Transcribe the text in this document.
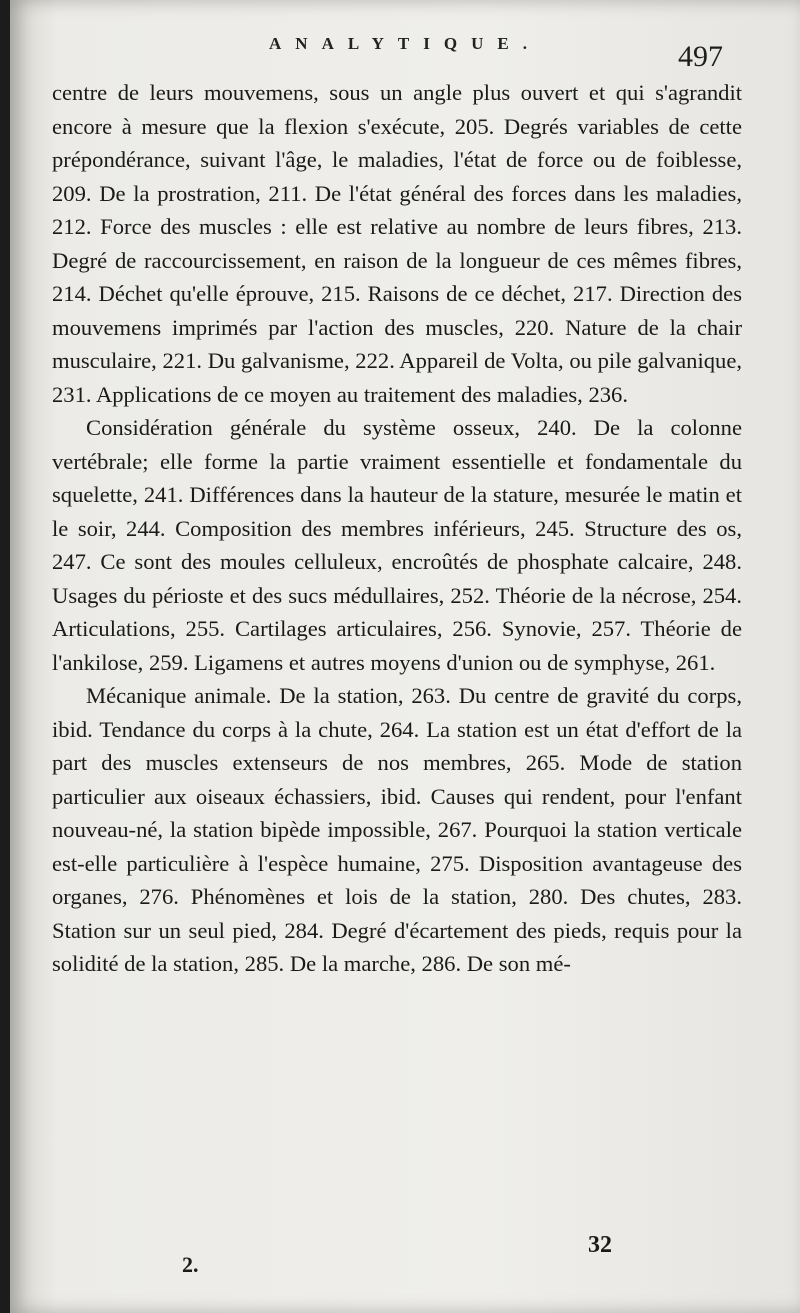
ANALYTIQUE.	497

centre de leurs mouvemens, sous un angle plus ouvert et qui s'agrandit encore à mesure que la flexion s'exécute, 205. Degrés variables de cette prépondérance, suivant l'âge, le maladies, l'état de force ou de foiblesse, 209. De la prostration, 211. De l'état général des forces dans les maladies, 212. Force des muscles : elle est relative au nombre de leurs fibres, 213. Degré de raccourcissement, en raison de la longueur de ces mêmes fibres, 214. Déchet qu'elle éprouve, 215. Raisons de ce déchet, 217. Direction des mouvemens imprimés par l'action des muscles, 220. Nature de la chair musculaire, 221. Du galvanisme, 222. Appareil de Volta, ou pile galvanique, 231. Applications de ce moyen au traitement des maladies, 236.

Considération générale du système osseux, 240. De la colonne vertébrale; elle forme la partie vraiment essentielle et fondamentale du squelette, 241. Différences dans la hauteur de la stature, mesurée le matin et le soir, 244. Composition des membres inférieurs, 245. Structure des os, 247. Ce sont des moules celluleux, encroûtés de phosphate calcaire, 248. Usages du périoste et des sucs médullaires, 252. Théorie de la nécrose, 254. Articulations, 255. Cartilages articulaires, 256. Synovie, 257. Théorie de l'ankilose, 259. Ligamens et autres moyens d'union ou de symphyse, 261.

Mécanique animale. De la station, 263. Du centre de gravité du corps, ibid. Tendance du corps à la chute, 264. La station est un état d'effort de la part des muscles extenseurs de nos membres, 265. Mode de station particulier aux oiseaux échassiers, ibid. Causes qui rendent, pour l'enfant nouveau-né, la station bipède impossible, 267. Pourquoi la station verticale est-elle particulière à l'espèce humaine, 275. Disposition avantageuse des organes, 276. Phénomènes et lois de la station, 280. Des chutes, 283. Station sur un seul pied, 284. Degré d'écartement des pieds, requis pour la solidité de la station, 285. De la marche, 286. De son mé-

2.
32
